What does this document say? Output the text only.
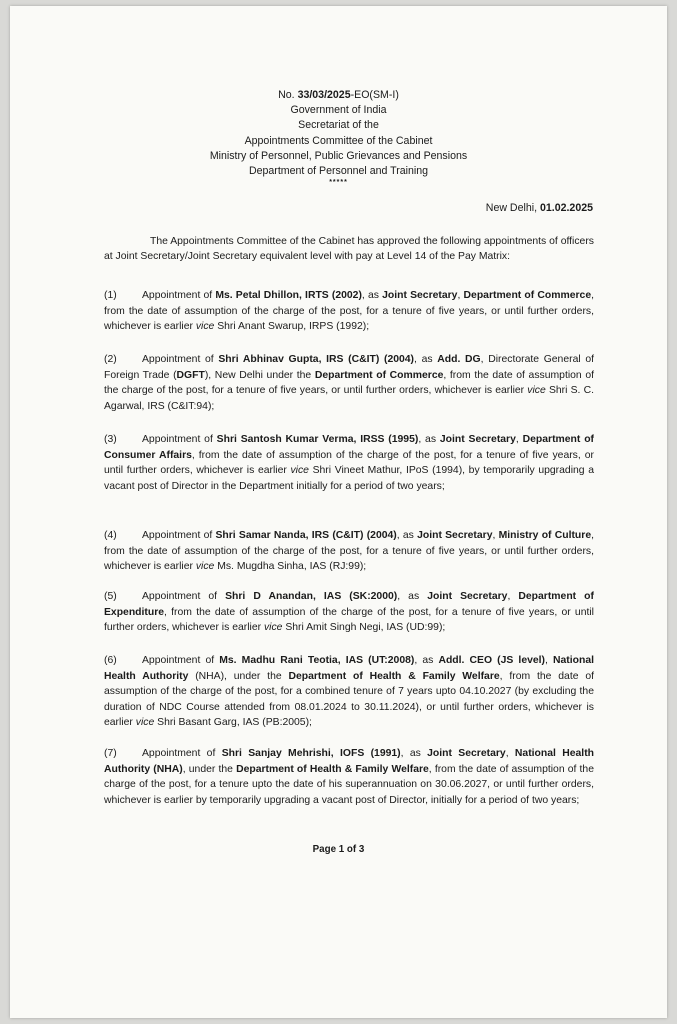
No. 33/03/2025-EO(SM-I)
Government of India
Secretariat of the
Appointments Committee of the Cabinet
Ministry of Personnel, Public Grievances and Pensions
Department of Personnel and Training
*****
New Delhi, 01.02.2025
The Appointments Committee of the Cabinet has approved the following appointments of officers at Joint Secretary/Joint Secretary equivalent level with pay at Level 14 of the Pay Matrix:
(1) Appointment of Ms. Petal Dhillon, IRTS (2002), as Joint Secretary, Department of Commerce, from the date of assumption of the charge of the post, for a tenure of five years, or until further orders, whichever is earlier vice Shri Anant Swarup, IRPS (1992);
(2) Appointment of Shri Abhinav Gupta, IRS (C&IT) (2004), as Add. DG, Directorate General of Foreign Trade (DGFT), New Delhi under the Department of Commerce, from the date of assumption of the charge of the post, for a tenure of five years, or until further orders, whichever is earlier vice Shri S. C. Agarwal, IRS (C&IT:94);
(3) Appointment of Shri Santosh Kumar Verma, IRSS (1995), as Joint Secretary, Department of Consumer Affairs, from the date of assumption of the charge of the post, for a tenure of five years, or until further orders, whichever is earlier vice Shri Vineet Mathur, IPoS (1994), by temporarily upgrading a vacant post of Director in the Department initially for a period of two years;
(4) Appointment of Shri Samar Nanda, IRS (C&IT) (2004), as Joint Secretary, Ministry of Culture, from the date of assumption of the charge of the post, for a tenure of five years, or until further orders, whichever is earlier vice Ms. Mugdha Sinha, IAS (RJ:99);
(5) Appointment of Shri D Anandan, IAS (SK:2000), as Joint Secretary, Department of Expenditure, from the date of assumption of the charge of the post, for a tenure of five years, or until further orders, whichever is earlier vice Shri Amit Singh Negi, IAS (UD:99);
(6) Appointment of Ms. Madhu Rani Teotia, IAS (UT:2008), as Addl. CEO (JS level), National Health Authority (NHA), under the Department of Health & Family Welfare, from the date of assumption of the charge of the post, for a combined tenure of 7 years upto 04.10.2027 (by excluding the duration of NDC Course attended from 08.01.2024 to 30.11.2024), or until further orders, whichever is earlier vice Shri Basant Garg, IAS (PB:2005);
(7) Appointment of Shri Sanjay Mehrishi, IOFS (1991), as Joint Secretary, National Health Authority (NHA), under the Department of Health & Family Welfare, from the date of assumption of the charge of the post, for a tenure upto the date of his superannuation on 30.06.2027, or until further orders, whichever is earlier by temporarily upgrading a vacant post of Director, initially for a period of two years;
Page 1 of 3
